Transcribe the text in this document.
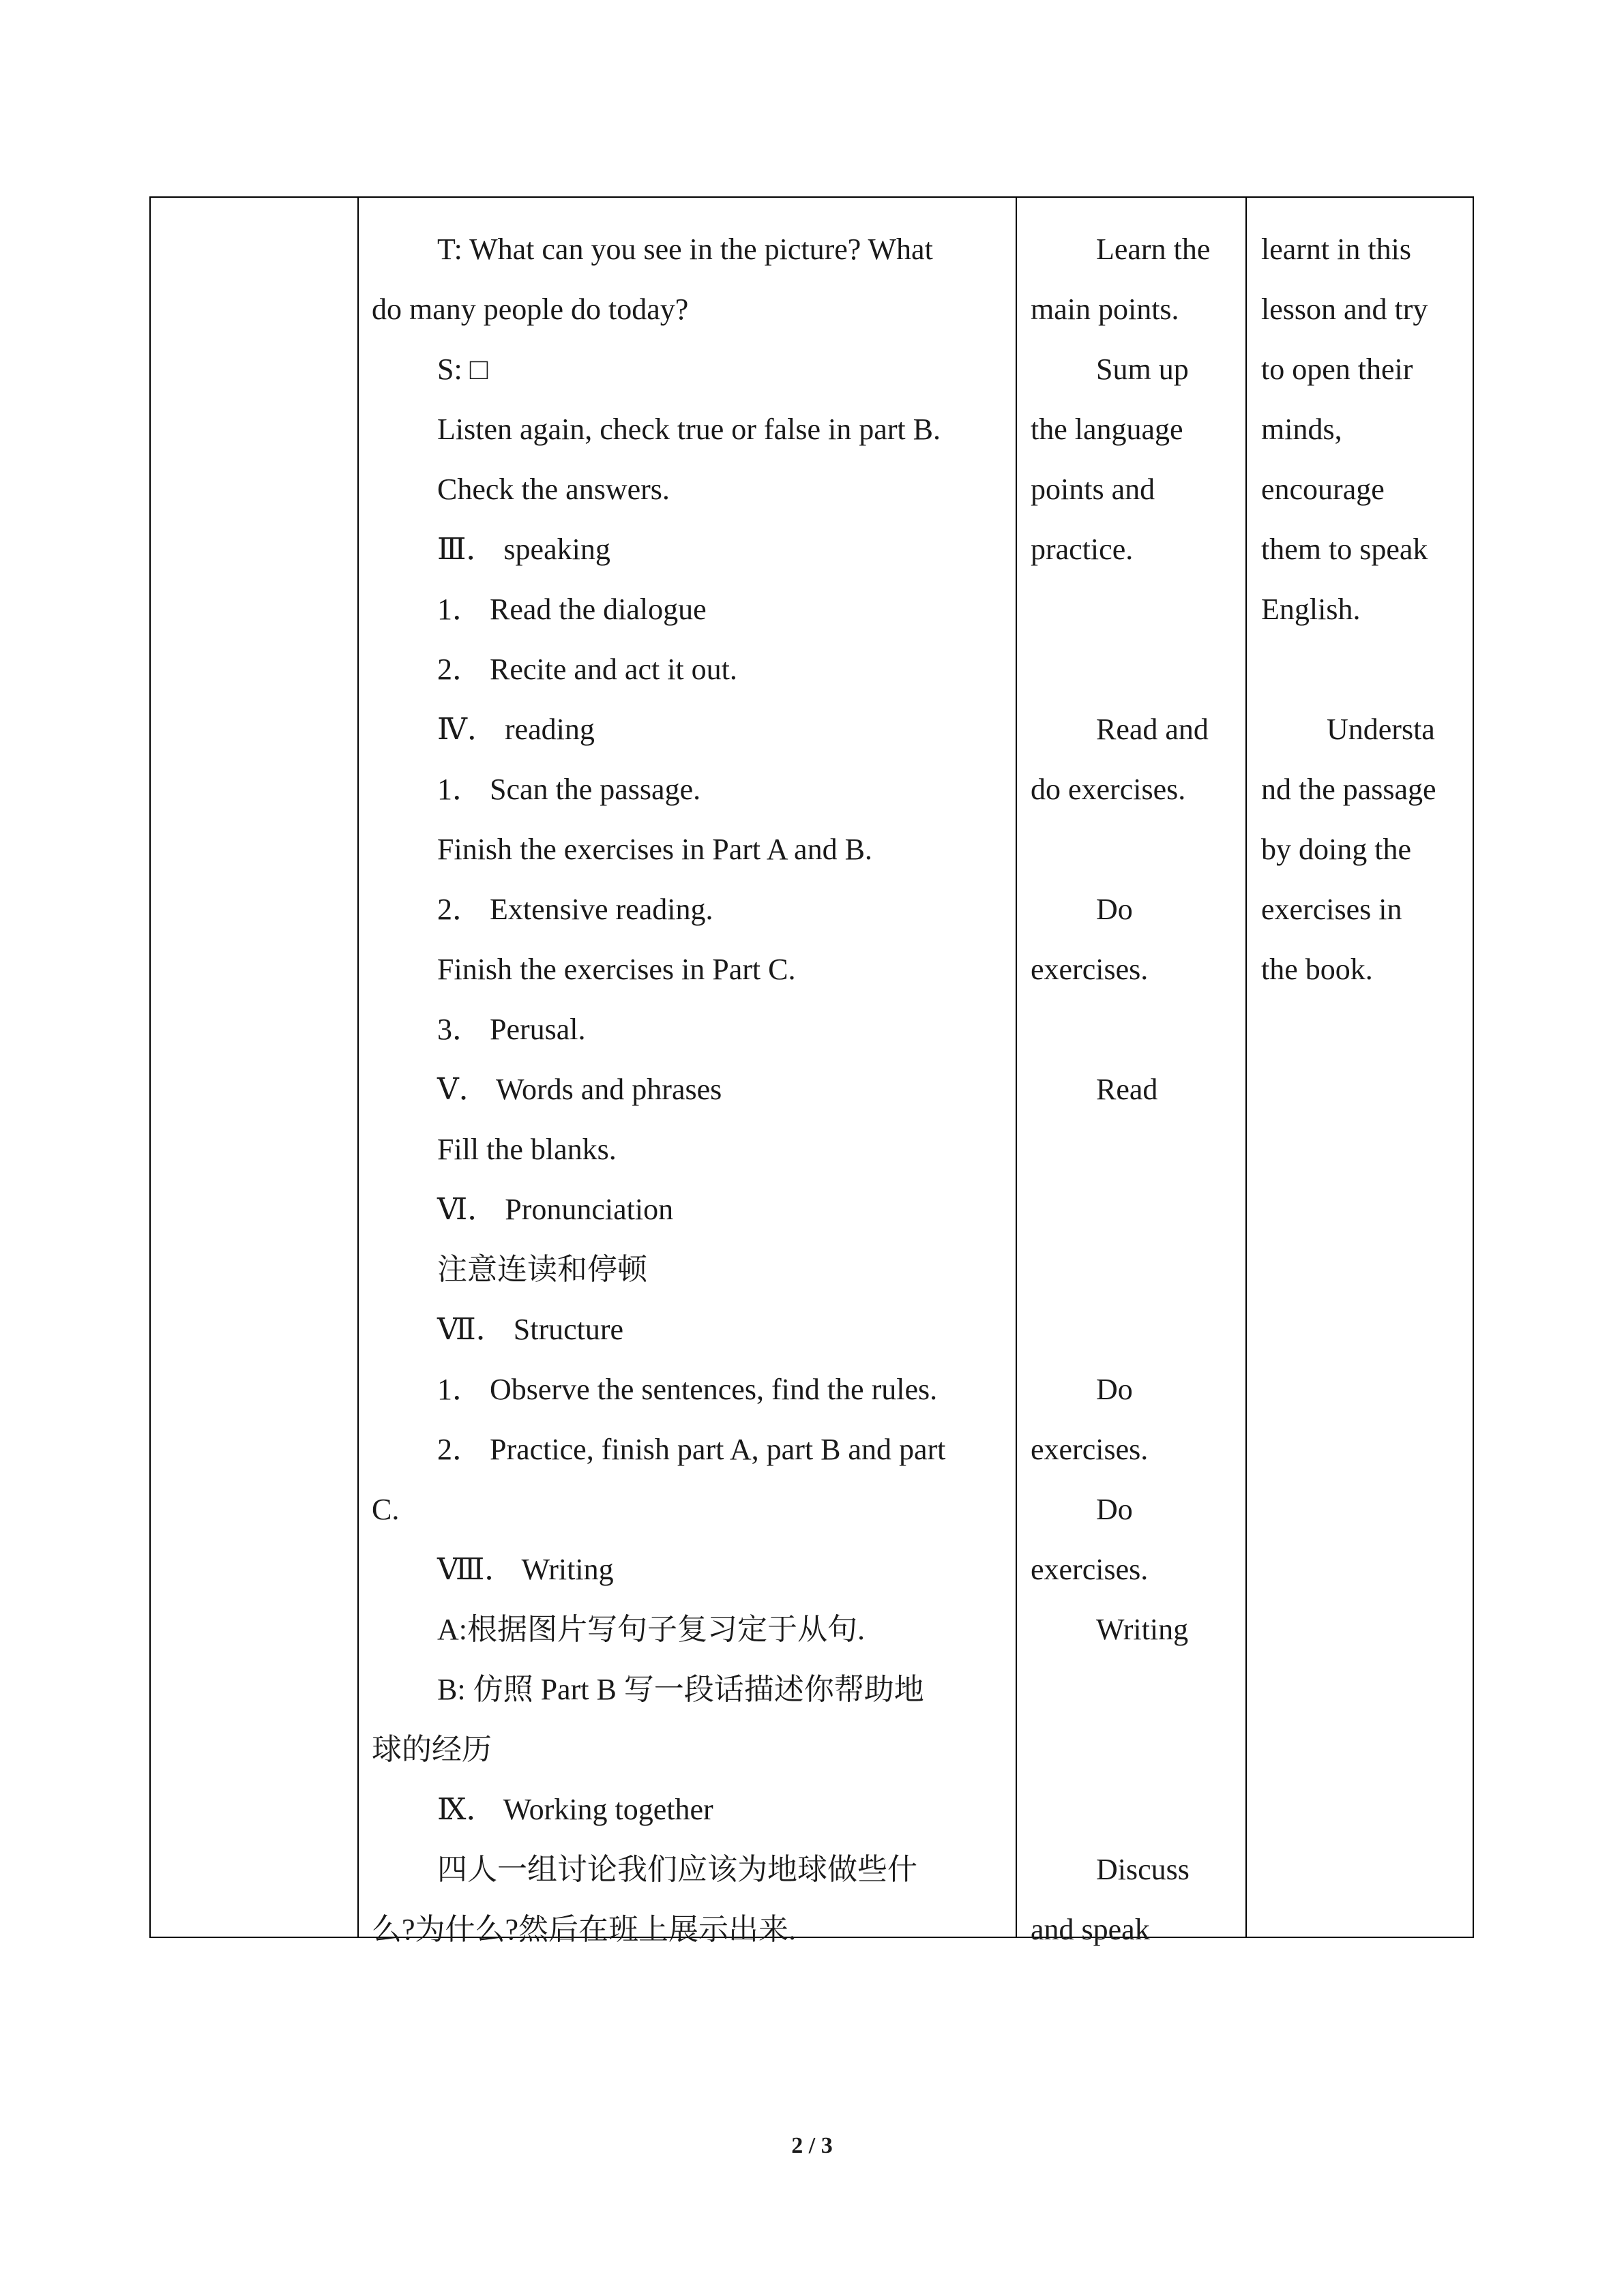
T: What can you see in the picture? What
do many people do today?
S: □
Listen again, check true or false in part B.
Check the answers.
Ⅲ． speaking
1． Read the dialogue
2． Recite and act it out.
Ⅳ． reading
1． Scan the passage.
Finish the exercises in Part A and B.
2． Extensive reading.
Finish the exercises in Part C.
3． Perusal.
Ⅴ． Words and phrases
Fill the blanks.
Ⅵ． Pronunciation
注意连读和停顿
Ⅶ． Structure
1． Observe the sentences, find the rules.
2． Practice, finish part A, part B and part
C.
Ⅷ． Writing
A:根据图片写句子复习定于从句.
B: 仿照 Part B 写一段话描述你帮助地
球的经历
Ⅸ． Working together
四人一组讨论我们应该为地球做些什
么?为什么?然后在班上展示出来.
Learn the
main points.
Sum up
the language
points and
practice.
Read and
do exercises.
Do
exercises.
Read
Do
exercises.
Do
exercises.
Writing
Discuss
and speak
learnt in this
lesson and try
to open their
minds,
encourage
them to speak
English.
Understa
nd the passage
by doing the
exercises in
the book.
2 / 3
